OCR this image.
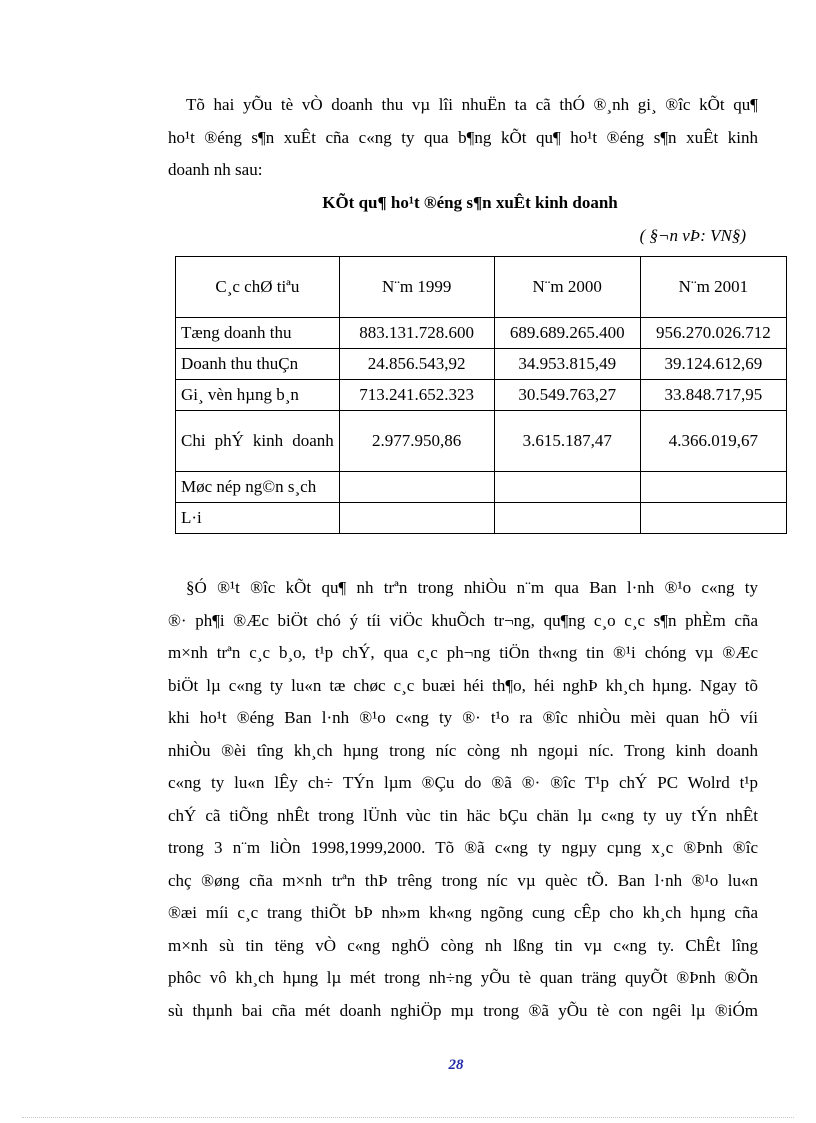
Tõ hai yÕu tè vÒ doanh thu vµ lîi nhuËn ta cã thÓ ®¸nh gi¸ ®îc kÕt qu¶
ho¹t ®éng s¶n xuÊt cña c«ng ty qua b¶ng kÕt qu¶ ho¹t ®éng s¶n xuÊt kinh
doanh nh sau:

KÕt qu¶ ho¹t ®éng s¶n xuÊt kinh doanh
( §¬n vÞ: VN§)
C¸c chØ tiªu	N¨m 1999	N¨m 2000	N¨m 2001
Tæng doanh thu	883.131.728.600	689.689.265.400	956.270.026.712
Doanh thu thuÇn	24.856.543,92	34.953.815,49	39.124.612,69
Gi¸ vèn hµng b¸n	713.241.652.323	30.549.763,27	33.848.717,95
Chi phÝ kinh doanh	2.977.950,86	3.615.187,47	4.366.019,67
Møc nép ng©n s¸ch			
L·i			

§Ó ®¹t ®îc kÕt qu¶ nh trªn trong nhiÒu n¨m qua Ban l·nh ®¹o c«ng ty
®· ph¶i ®Æc biÖt chó ý tíi viÖc khuÕch tr¬ng, qu¶ng c¸o c¸c s¶n phÈm cña
m×nh trªn c¸c b¸o, t¹p chÝ, qua c¸c ph¬ng tiÖn th«ng tin ®¹i chóng vµ ®Æc
biÖt lµ c«ng ty lu«n tæ chøc c¸c buæi héi th¶o, héi nghÞ kh¸ch hµng. Ngay tõ
khi ho¹t ®éng Ban l·nh ®¹o c«ng ty ®· t¹o ra ®îc nhiÒu mèi quan hÖ víi
nhiÒu ®èi tîng kh¸ch hµng trong níc còng nh ngoµi níc. Trong kinh doanh
c«ng ty lu«n lÊy ch÷ TÝn lµm ®Çu do ®ã ®· ®îc T¹p chÝ PC Wolrd t¹p
chÝ cã tiÕng nhÊt trong lÜnh vùc tin häc bÇu chän lµ c«ng ty uy tÝn nhÊt
trong 3 n¨m liÒn 1998,1999,2000. Tõ ®ã c«ng ty ngµy cµng x¸c ®Þnh ®îc
chç ®øng cña m×nh trªn thÞ trêng trong níc vµ quèc tÕ. Ban l·nh ®¹o lu«n
®æi míi c¸c trang thiÕt bÞ nh»m kh«ng ngõng cung cÊp cho kh¸ch hµng cña
m×nh sù tin tëng vÒ c«ng nghÖ còng nh lßng tin vµ c«ng ty. ChÊt lîng
phôc vô kh¸ch hµng lµ mét trong nh÷ng yÕu tè quan träng quyÕt ®Þnh ®Õn
sù thµnh bai cña mét doanh nghiÖp mµ trong ®ã yÕu tè con ngêi lµ ®iÓm

28
